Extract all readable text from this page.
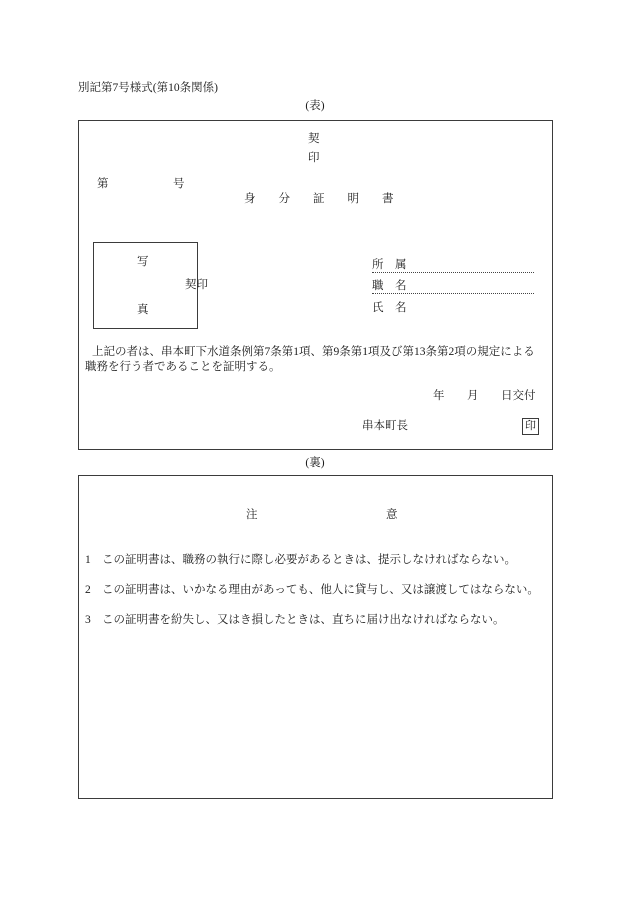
別記第7号様式(第10条関係)
(表)
契
印
第	号
身分証明書
写
真
契印
所　属
職　名
氏　名
上記の者は、串本町下水道条例第7条第1項、第9条第1項及び第13条第2項の規定による
職務を行う者であることを証明する。
年 月 日交付
串本町長	印
(裏)
注	意
1 この証明書は、職務の執行に際し必要があるときは、提示しなければならない。
2 この証明書は、いかなる理由があっても、他人に貸与し、又は譲渡してはならない。
3 この証明書を紛失し、又はき損したときは、直ちに届け出なければならない。
